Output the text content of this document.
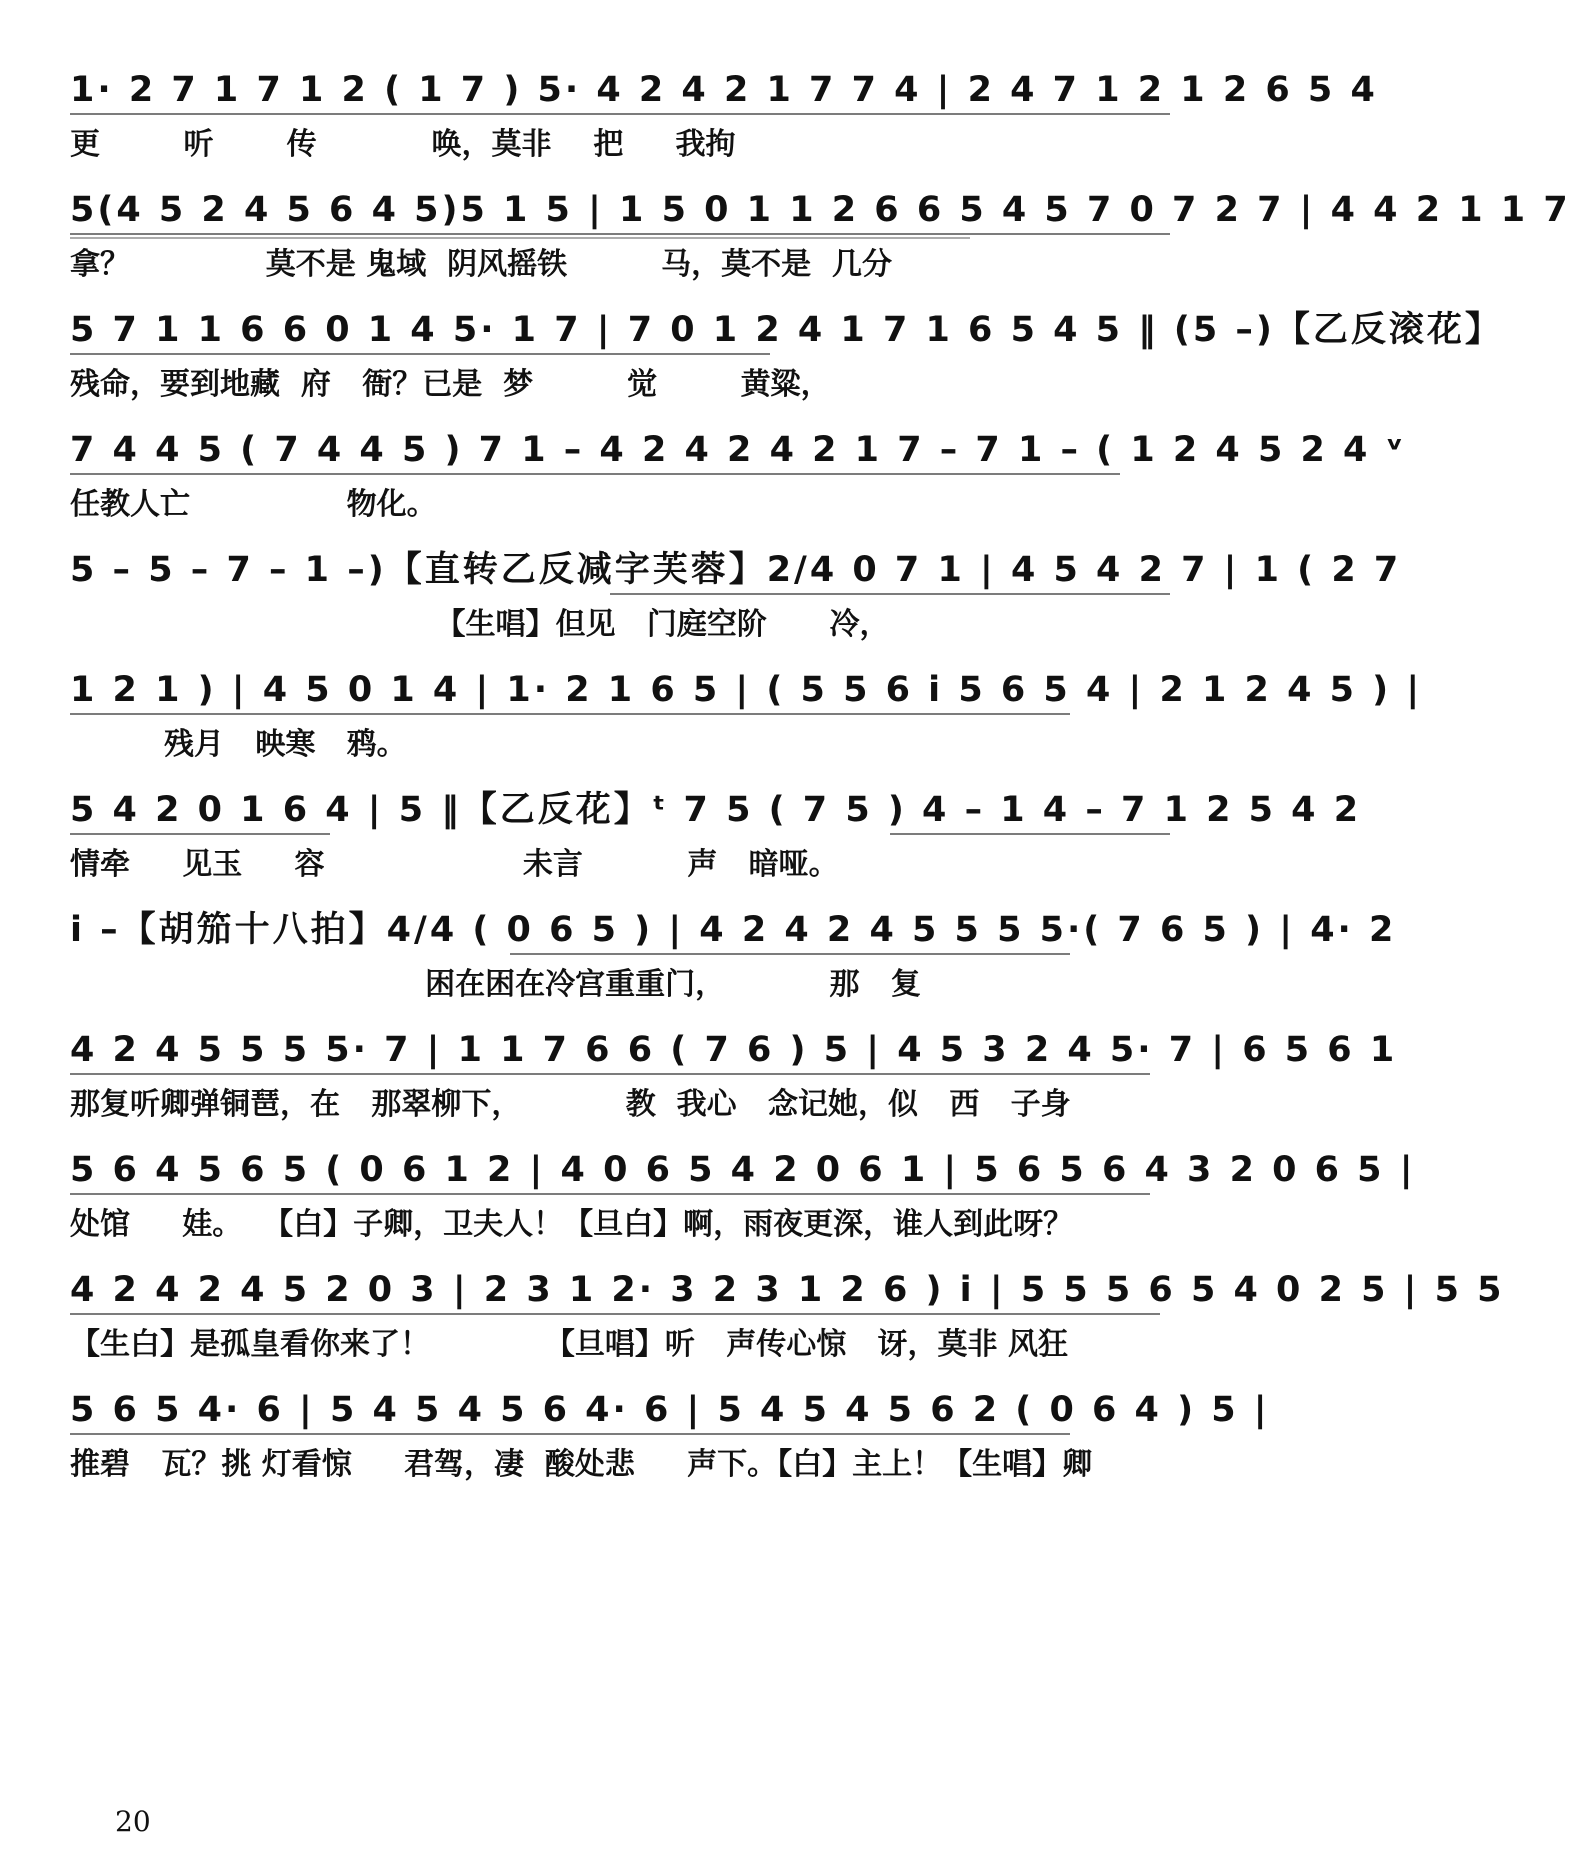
1· 2 7 1 7 1 2 ( 1 7 ) 5· 4 2 4 2 1 7 7 4 | 2 4 7 1 2 1 2 6 5 4
更        听       传           唤，莫非    把     我拘
5(4 5 2 4 5 6 4 5)5 1 5 | 1 5 0 1 1 2 6 6 5 4 5 7 0 7 2 7 | 4 4 2 1 1 7
拿？             莫不是 鬼域  阴风摇铁         马，莫不是  几分
5 7 1 1 6 6 0 1 4 5· 1 7 | 7 0 1 2 4 1 7 1 6 5 4 5 ‖ (5 –)【乙反滚花】
残命，要到地藏  府   衙？已是  梦         觉        黄粱，
7 4 4 5 ( 7 4 4 5 ) 7 1 – 4 2 4 2 4 2 1 7 – 7 1 – ( 1 2 4 5 2 4 ᵛ
任教人亡               物化。
5 – 5 – 7 – 1 –)【直转乙反减字芙蓉】2/4 0 7 1 | 4 5 4 2 7 | 1 ( 2 7
【生唱】但见   门庭空阶      冷，
1 2 1 ) | 4 5 0 1 4 | 1· 2 1 6 5 | ( 5 5 6 i 5 6 5 4 | 2 1 2 4 5 ) |
残月   映寒   鸦。
5 4 2 0 1 6 4 | 5 ‖【乙反花】ᵗ 7 5 ( 7 5 ) 4 – 1 4 – 7 1 2 5 4 2
情牵     见玉     容                   未言          声   暗哑。
i –【胡笳十八拍】4/4 ( 0 6 5 ) | 4 2 4 2 4 5 5 5 5·( 7 6 5 ) | 4· 2
困在困在冷宫重重门，          那   复
4 2 4 5 5 5 5· 7 | 1 1 7 6 6 ( 7 6 ) 5 | 4 5 3 2 4 5· 7 | 6 5 6 1
那复听卿弹铜琶，在   那翠柳下，          教  我心   念记她，似   西   子身
5 6 4 5 6 5 ( 0 6 1 2 | 4 0 6 5 4 2 0 6 1 | 5 6 5 6 4 3 2 0 6 5 |
处馆     娃。  【白】子卿，卫夫人！【旦白】啊，雨夜更深，谁人到此呀？
4 2 4 2 4 5 2 0 3 | 2 3 1 2· 3 2 3 1 2 6 ) i | 5 5 5 6 5 4 0 2 5 | 5 5
【生白】是孤皇看你来了！           【旦唱】听   声传心惊   讶，莫非 风狂
5 6 5 4· 6 | 5 4 5 4 5 6 4· 6 | 5 4 5 4 5 6 2 ( 0 6 4 ) 5 |
推碧   瓦？挑 灯看惊     君驾，凄  酸处悲     声下。【白】主上！【生唱】卿
20
